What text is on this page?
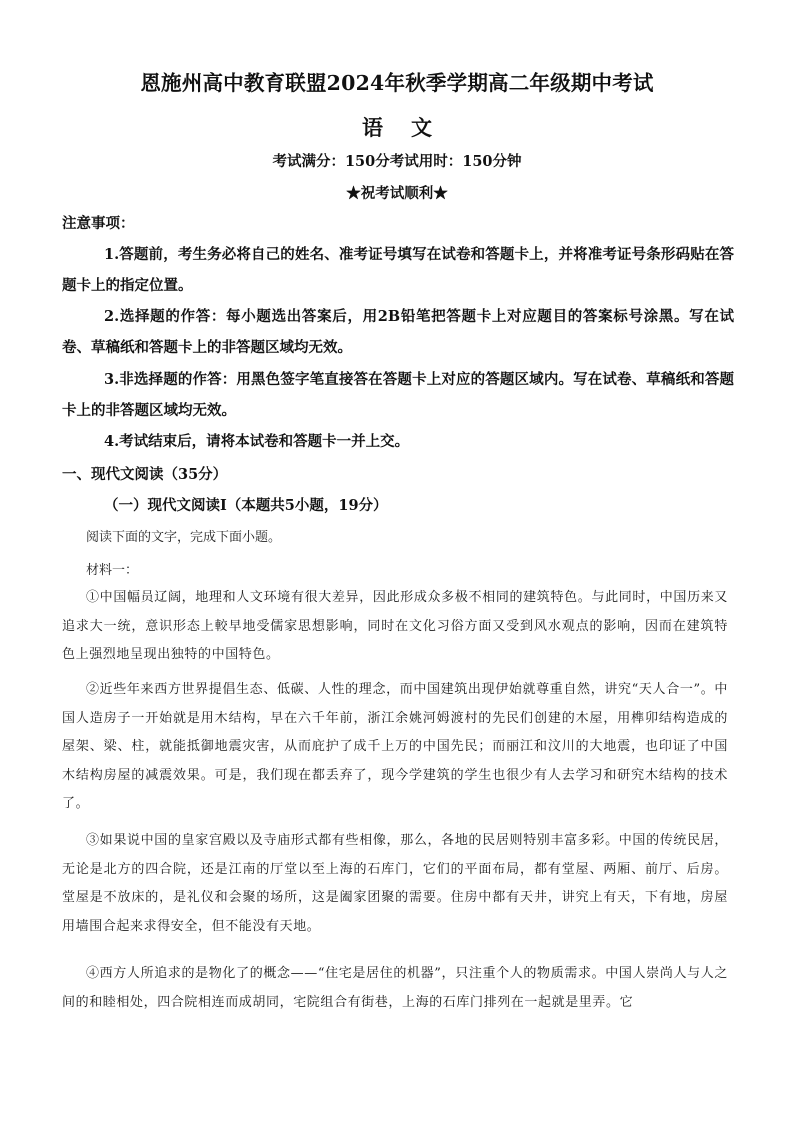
恩施州高中教育联盟2024年秋季学期高二年级期中考试
语文
考试满分：150分考试用时：150分钟
★祝考试顺利★
注意事项：
1.答题前，考生务必将自己的姓名、准考证号填写在试卷和答题卡上，并将准考证号条形码贴在答题卡上的指定位置。
2.选择题的作答：每小题选出答案后，用2B铅笔把答题卡上对应题目的答案标号涂黑。写在试卷、草稿纸和答题卡上的非答题区域均无效。
3.非选择题的作答：用黑色签字笔直接答在答题卡上对应的答题区域内。写在试卷、草稿纸和答题卡上的非答题区域均无效。
4.考试结束后，请将本试卷和答题卡一并上交。
一、现代文阅读（35分）
（一）现代文阅读Ⅰ（本题共5小题，19分）
阅读下面的文字，完成下面小题。
材料一：
①中国幅员辽阔，地理和人文环境有很大差异，因此形成众多极不相同的建筑特色。与此同时，中国历来又追求大一统，意识形态上較早地受儒家思想影响，同时在文化习俗方面又受到风水观点的影响，因而在建筑特色上强烈地呈现出独特的中国特色。
②近些年来西方世界提倡生态、低碳、人性的理念，而中国建筑出现伊始就尊重自然，讲究“天人合一”。中国人造房子一开始就是用木结构，早在六千年前，浙江余姚河姆渡村的先民们创建的木屋，用榫卯结构造成的屋架、梁、柱，就能抵御地震灾害，从而庇护了成千上万的中国先民；而丽江和汶川的大地震，也印证了中国木结构房屋的减震效果。可是，我们现在都丢弃了，现今学建筑的学生也很少有人去学习和研究木结构的技术了。
③如果说中国的皇家宫殿以及寺庙形式都有些相像，那么，各地的民居则特别丰富多彩。中国的传统民居，无论是北方的四合院，还是江南的厅堂以至上海的石库门，它们的平面布局，都有堂屋、两厢、前厅、后房。堂屋是不放床的，是礼仪和会聚的场所，这是阖家团聚的需要。住房中都有天井，讲究上有天，下有地，房屋用墙围合起来求得安全，但不能没有天地。
④西方人所追求的是物化了的概念——“住宅是居住的机器”，只注重个人的物质需求。中国人崇尚人与人之间的和睦相处，四合院相连而成胡同，宅院组合有街巷，上海的石库门排列在一起就是里弄。它
